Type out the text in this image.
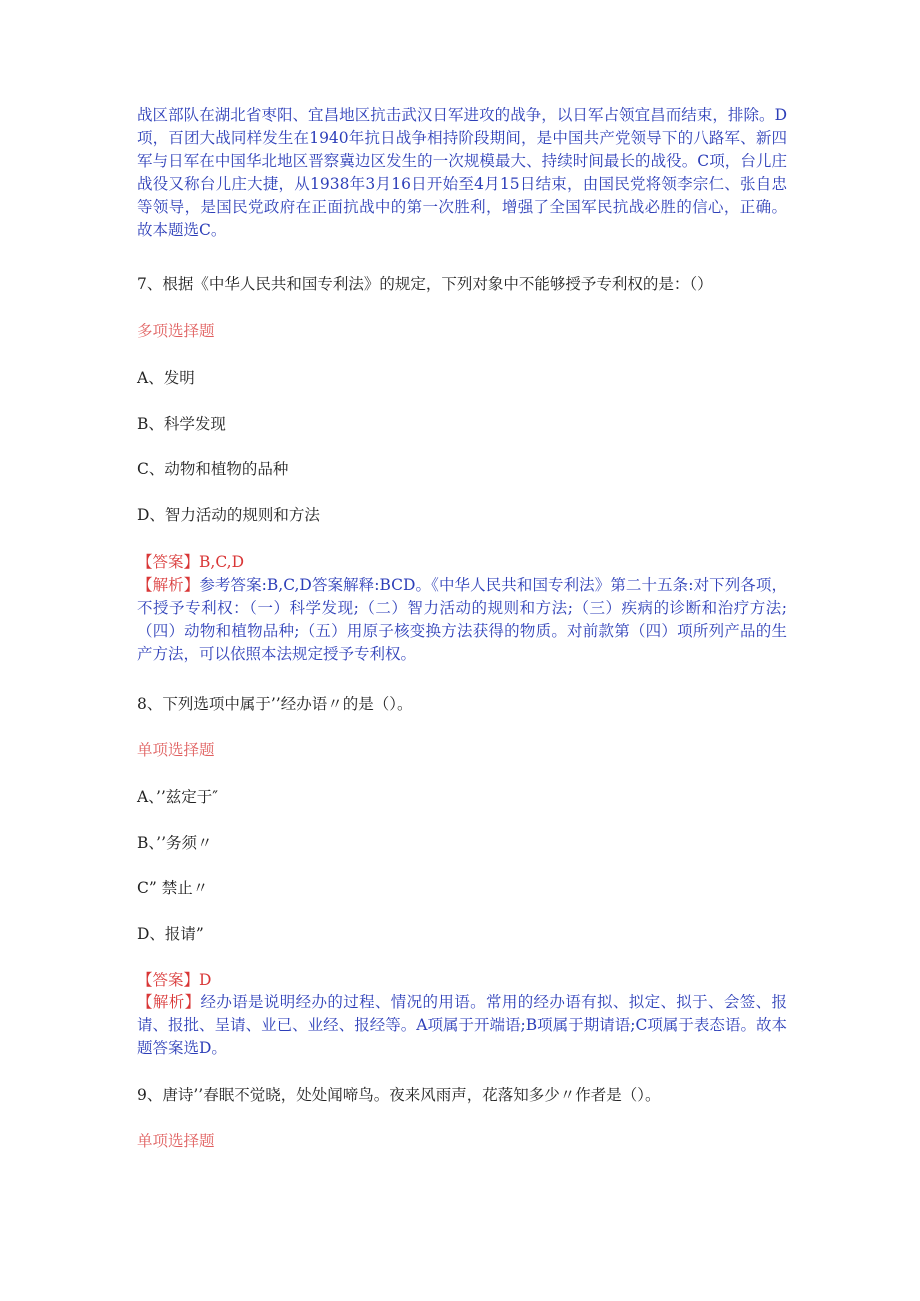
战区部队在湖北省枣阳、宜昌地区抗击武汉日军进攻的战争，以日军占领宜昌而结束，排除。D项，百团大战同样发生在1940年抗日战争相持阶段期间，是中国共产党领导下的八路军、新四军与日军在中国华北地区晋察冀边区发生的一次规模最大、持续时间最长的战役。C项，台儿庄战役又称台儿庄大捷，从1938年3月16日开始至4月15日结束，由国民党将领李宗仁、张自忠等领导，是国民党政府在正面抗战中的第一次胜利，增强了全国军民抗战必胜的信心，正确。故本题选C。

7、根据《中华人民共和国专利法》的规定，下列对象中不能够授予专利权的是：（）

多项选择题

A、发明

B、科学发现

C、动物和植物的品种

D、智力活动的规则和方法

【答案】B,C,D

【解析】参考答案:B,C,D答案解释:BCD。《中华人民共和国专利法》第二十五条:对下列各项，不授予专利权：（一）科学发现;（二）智力活动的规则和方法;（三）疾病的诊断和治疗方法;（四）动物和植物品种;（五）用原子核变换方法获得的物质。对前款第（四）项所列产品的生产方法，可以依照本法规定授予专利权。

8、下列选项中属于’’经办语〃的是（）。

单项选择题

A、’’兹定于″

B、’’务须〃

C” 禁止〃

D、报请”

【答案】D

【解析】经办语是说明经办的过程、情况的用语。常用的经办语有拟、拟定、拟于、会签、报请、报批、呈请、业已、业经、报经等。A项属于开端语;B项属于期请语;C项属于表态语。故本题答案选D。

9、唐诗’’春眠不觉晓，处处闻啼鸟。夜来风雨声，花落知多少〃作者是（）。

单项选择题
